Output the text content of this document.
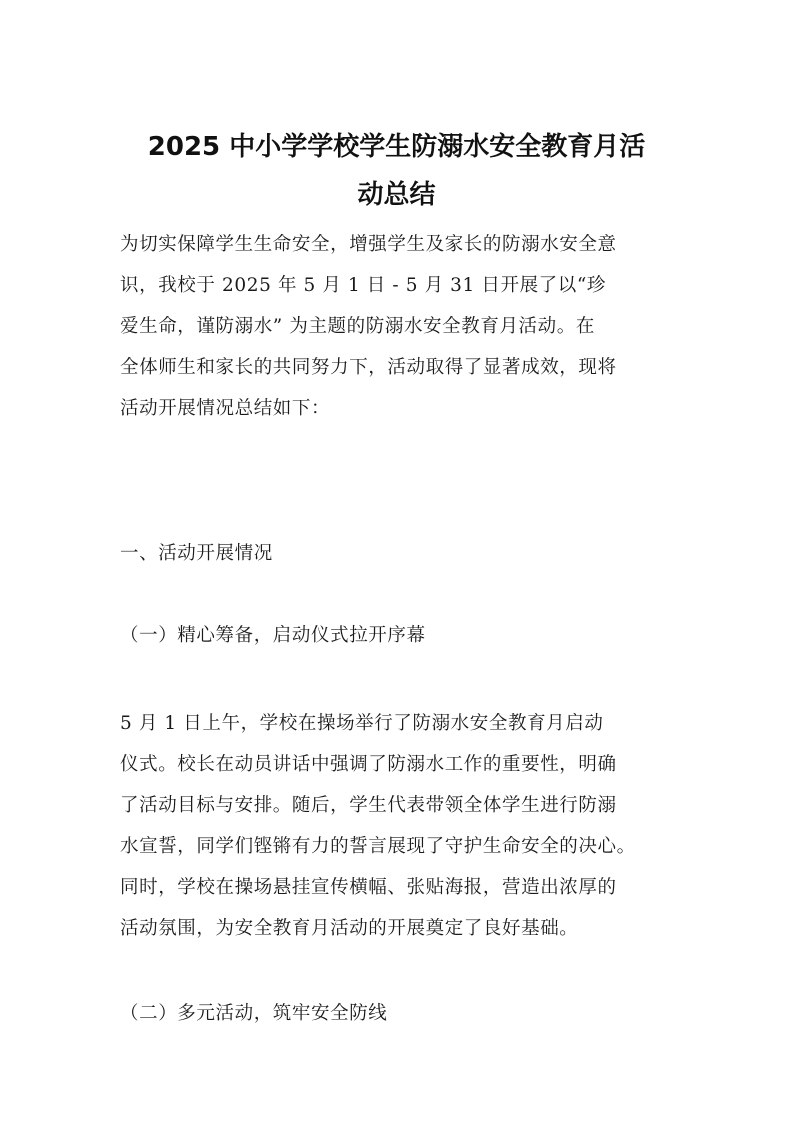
2025 中小学学校学生防溺水安全教育月活
动总结
为切实保障学生生命安全，增强学生及家长的防溺水安全意
识，我校于 2025 年 5 月 1 日 - 5 月 31 日开展了以“珍
爱生命，谨防溺水” 为主题的防溺水安全教育月活动。在
全体师生和家长的共同努力下，活动取得了显著成效，现将
活动开展情况总结如下：
一、活动开展情况
（一）精心筹备，启动仪式拉开序幕
5 月 1 日上午，学校在操场举行了防溺水安全教育月启动
仪式。校长在动员讲话中强调了防溺水工作的重要性，明确
了活动目标与安排。随后，学生代表带领全体学生进行防溺
水宣誓，同学们铿锵有力的誓言展现了守护生命安全的决心。
同时，学校在操场悬挂宣传横幅、张贴海报，营造出浓厚的
活动氛围，为安全教育月活动的开展奠定了良好基础。
（二）多元活动，筑牢安全防线
